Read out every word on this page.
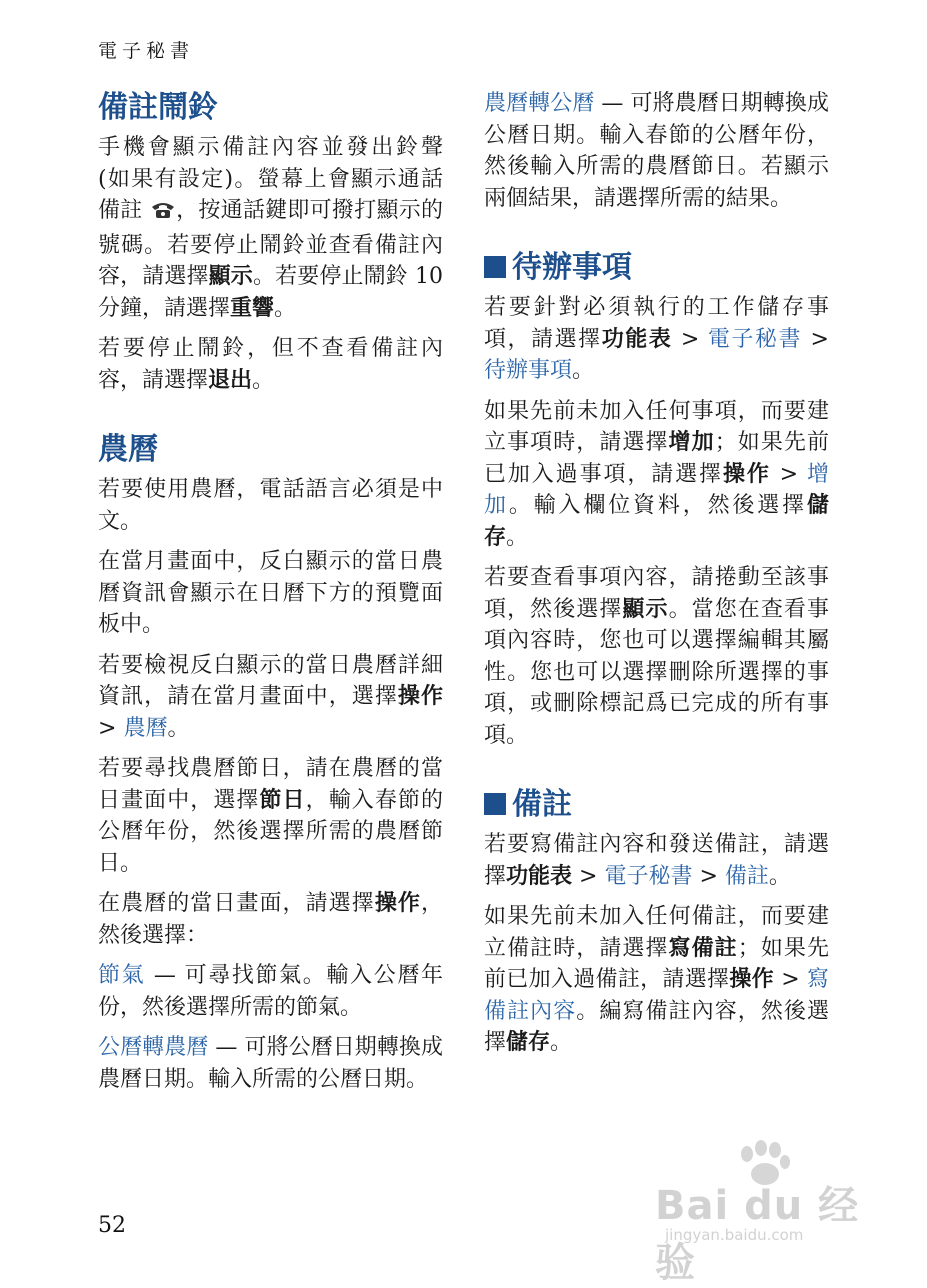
電子秘書
備註鬧鈴

手機會顯示備註內容並發出鈴聲 (如果有設定)。螢幕上會顯示通話備註 ，按通話鍵即可撥打顯示的號碼。若要停止鬧鈴並查看備註內容，請選擇顯示。若要停止鬧鈴 10 分鐘，請選擇重響。

若要停止鬧鈴，但不查看備註內容，請選擇退出。

農曆

若要使用農曆，電話語言必須是中文。

在當月畫面中，反白顯示的當日農曆資訊會顯示在日曆下方的預覽面板中。

若要檢視反白顯示的當日農曆詳細資訊，請在當月畫面中，選擇操作 > 農曆。

若要尋找農曆節日，請在農曆的當日畫面中，選擇節日，輸入春節的公曆年份，然後選擇所需的農曆節日。

在農曆的當日畫面，請選擇操作，然後選擇：

節氣 — 可尋找節氣。輸入公曆年份，然後選擇所需的節氣。

公曆轉農曆 — 可將公曆日期轉換成農曆日期。輸入所需的公曆日期。

農曆轉公曆 — 可將農曆日期轉換成公曆日期。輸入春節的公曆年份，然後輸入所需的農曆節日。若顯示兩個結果，請選擇所需的結果。

待辦事項

若要針對必須執行的工作儲存事項，請選擇功能表 > 電子秘書 > 待辦事項。

如果先前未加入任何事項，而要建立事項時，請選擇增加；如果先前已加入過事項，請選擇操作 > 增加。輸入欄位資料，然後選擇儲存。

若要查看事項內容，請捲動至該事項，然後選擇顯示。當您在查看事項內容時，您也可以選擇編輯其屬性。您也可以選擇刪除所選擇的事項，或刪除標記爲已完成的所有事項。

備註

若要寫備註內容和發送備註，請選擇功能表 > 電子秘書 > 備註。

如果先前未加入任何備註，而要建立備註時，請選擇寫備註；如果先前已加入過備註，請選擇操作 > 寫備註內容。編寫備註內容，然後選擇儲存。

52	Bai du 经验
jingyan.baidu.com
